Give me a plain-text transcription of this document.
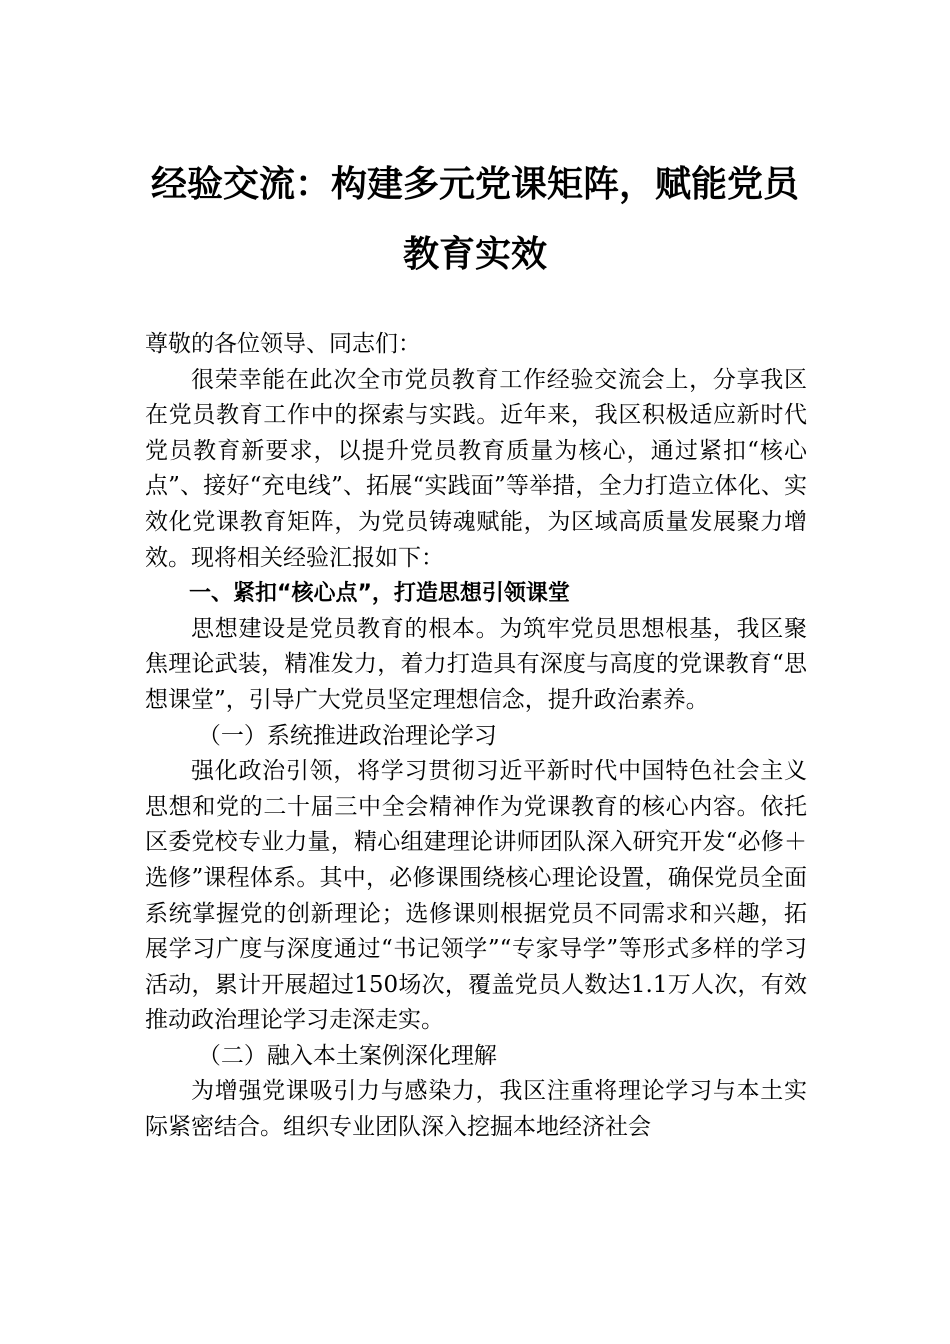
经验交流：构建多元党课矩阵，赋能党员
教育实效

尊敬的各位领导、同志们：

很荣幸能在此次全市党员教育工作经验交流会上，分享我区在党员教育工作中的探索与实践。近年来，我区积极适应新时代党员教育新要求，以提升党员教育质量为核心，通过紧扣“核心点”、接好“充电线”、拓展“实践面”等举措，全力打造立体化、实效化党课教育矩阵，为党员铸魂赋能，为区域高质量发展聚力增效。现将相关经验汇报如下：

一、紧扣“核心点”，打造思想引领课堂

思想建设是党员教育的根本。为筑牢党员思想根基，我区聚焦理论武装，精准发力，着力打造具有深度与高度的党课教育“思想课堂”，引导广大党员坚定理想信念，提升政治素养。

（一）系统推进政治理论学习

强化政治引领，将学习贯彻习近平新时代中国特色社会主义思想和党的二十届三中全会精神作为党课教育的核心内容。依托区委党校专业力量，精心组建理论讲师团队深入研究开发“必修＋选修”课程体系。其中，必修课围绕核心理论设置，确保党员全面系统掌握党的创新理论；选修课则根据党员不同需求和兴趣，拓展学习广度与深度通过“书记领学”“专家导学”等形式多样的学习活动，累计开展超过150场次，覆盖党员人数达1.1万人次，有效推动政治理论学习走深走实。

（二）融入本土案例深化理解

为增强党课吸引力与感染力，我区注重将理论学习与本土实际紧密结合。组织专业团队深入挖掘本地经济社会
